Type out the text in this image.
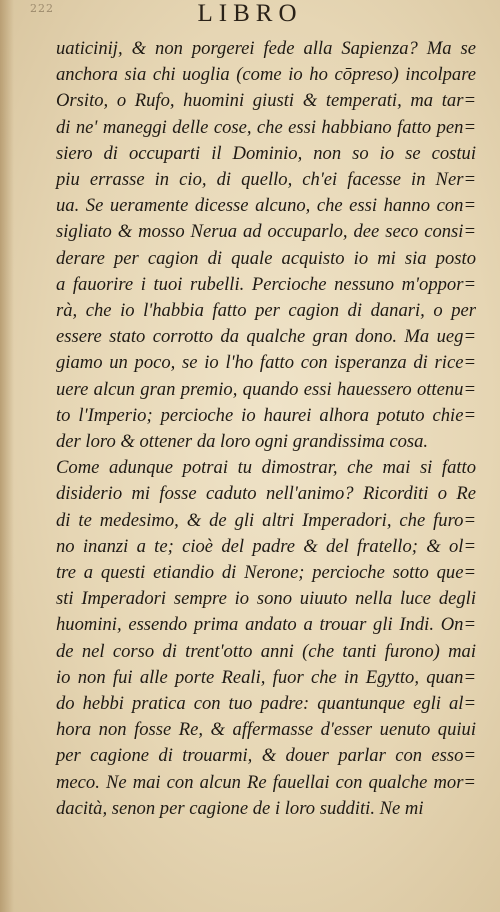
222	LIBRO
uaticinij, & non porgerei fede alla Sapienza? Ma se
anchora sia chi uoglia (come io ho cōpreso) incolpare
Orsito, o Rufo, huomini giusti & temperati, ma tar=
di ne' maneggi delle cose, che essi habbiano fatto pen=
siero di occuparti il Dominio, non so io se costui
piu errasse in cio, di quello, ch'ei facesse in Ner=
ua. Se ueramente dicesse alcuno, che essi hanno con=
sigliato & mosso Nerua ad occuparlo, dee seco consi=
derare per cagion di quale acquisto io mi sia posto
a fauorire i tuoi rubelli. Percioche nessuno m'oppor=
rà, che io l'habbia fatto per cagion di danari, o per
essere stato corrotto da qualche gran dono. Ma ueg=
giamo un poco, se io l'ho fatto con isperanza di rice=
uere alcun gran premio, quando essi hauessero ottenu=
to l'Imperio; percioche io haurei alhora potuto chie=
der loro & ottener da loro ogni grandissima cosa.
Come adunque potrai tu dimostrar, che mai si fatto
disiderio mi fosse caduto nell'animo? Ricorditi o Re
di te medesimo, & de gli altri Imperadori, che furo=
no inanzi a te; cioè del padre & del fratello; & ol=
tre a questi etiandio di Nerone; percioche sotto que=
sti Imperadori sempre io sono uiuuto nella luce degli
huomini, essendo prima andato a trouar gli Indi. On=
de nel corso di trent'otto anni (che tanti furono) mai
io non fui alle porte Reali, fuor che in Egytto, quan=
do hebbi pratica con tuo padre: quantunque egli al=
hora non fosse Re, & affermasse d'esser uenuto quiui
per cagione di trouarmi, & douer parlar con esso=
meco. Ne mai con alcun Re fauellai con qualche mor=
dacità, senon per cagione de i loro sudditi. Ne mi
